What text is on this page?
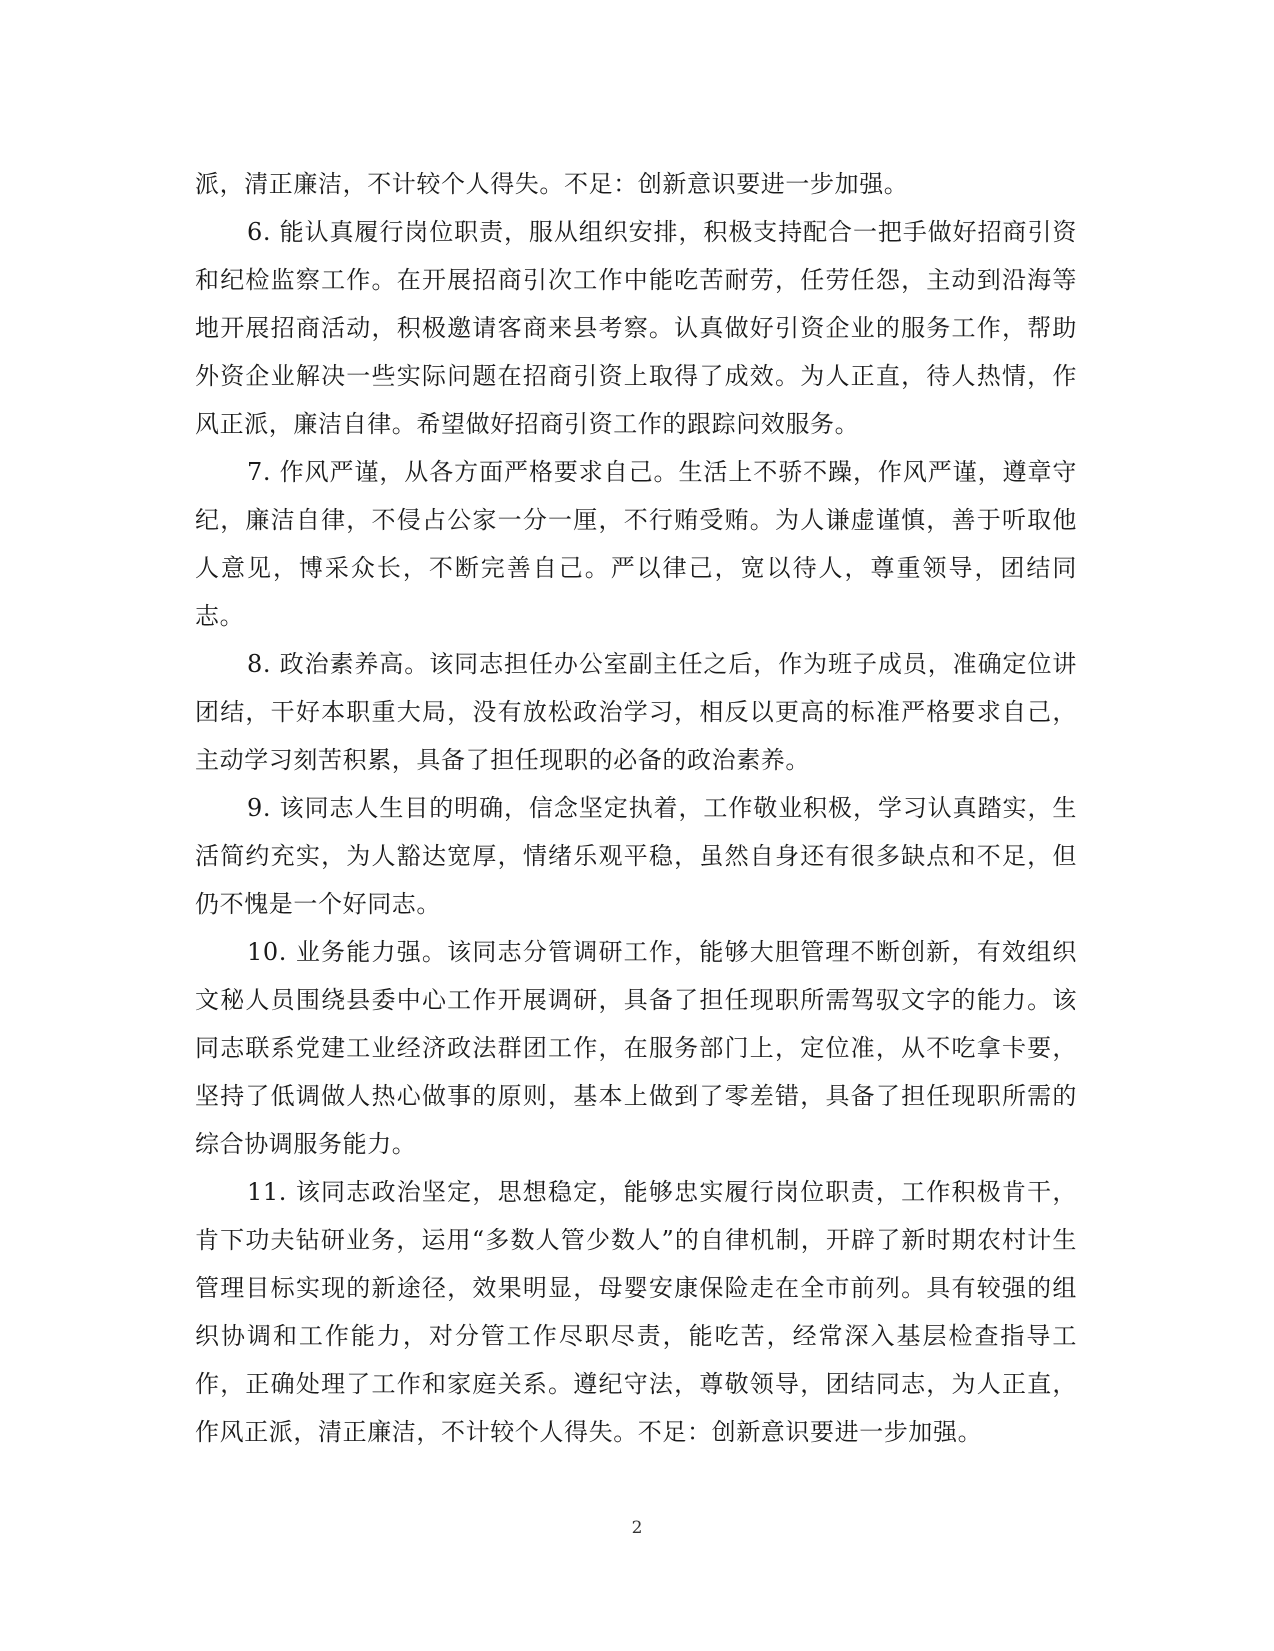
派，清正廉洁，不计较个人得失。不足：创新意识要进一步加强。

6. 能认真履行岗位职责，服从组织安排，积极支持配合一把手做好招商引资和纪检监察工作。在开展招商引次工作中能吃苦耐劳，任劳任怨，主动到沿海等地开展招商活动，积极邀请客商来县考察。认真做好引资企业的服务工作，帮助外资企业解决一些实际问题在招商引资上取得了成效。为人正直，待人热情，作风正派，廉洁自律。希望做好招商引资工作的跟踪问效服务。

7. 作风严谨，从各方面严格要求自己。生活上不骄不躁，作风严谨，遵章守纪，廉洁自律，不侵占公家一分一厘，不行贿受贿。为人谦虚谨慎，善于听取他人意见，博采众长，不断完善自己。严以律己，宽以待人，尊重领导，团结同志。

8. 政治素养高。该同志担任办公室副主任之后，作为班子成员，准确定位讲团结，干好本职重大局，没有放松政治学习，相反以更高的标准严格要求自己，主动学习刻苦积累，具备了担任现职的必备的政治素养。

9. 该同志人生目的明确，信念坚定执着，工作敬业积极，学习认真踏实，生活简约充实，为人豁达宽厚，情绪乐观平稳，虽然自身还有很多缺点和不足，但仍不愧是一个好同志。

10. 业务能力强。该同志分管调研工作，能够大胆管理不断创新，有效组织文秘人员围绕县委中心工作开展调研，具备了担任现职所需驾驭文字的能力。该同志联系党建工业经济政法群团工作，在服务部门上，定位准，从不吃拿卡要，坚持了低调做人热心做事的原则，基本上做到了零差错，具备了担任现职所需的综合协调服务能力。

11. 该同志政治坚定，思想稳定，能够忠实履行岗位职责，工作积极肯干，肯下功夫钻研业务，运用“多数人管少数人”的自律机制，开辟了新时期农村计生管理目标实现的新途径，效果明显，母婴安康保险走在全市前列。具有较强的组织协调和工作能力，对分管工作尽职尽责，能吃苦，经常深入基层检查指导工作，正确处理了工作和家庭关系。遵纪守法，尊敬领导，团结同志，为人正直，作风正派，清正廉洁，不计较个人得失。不足：创新意识要进一步加强。

2
